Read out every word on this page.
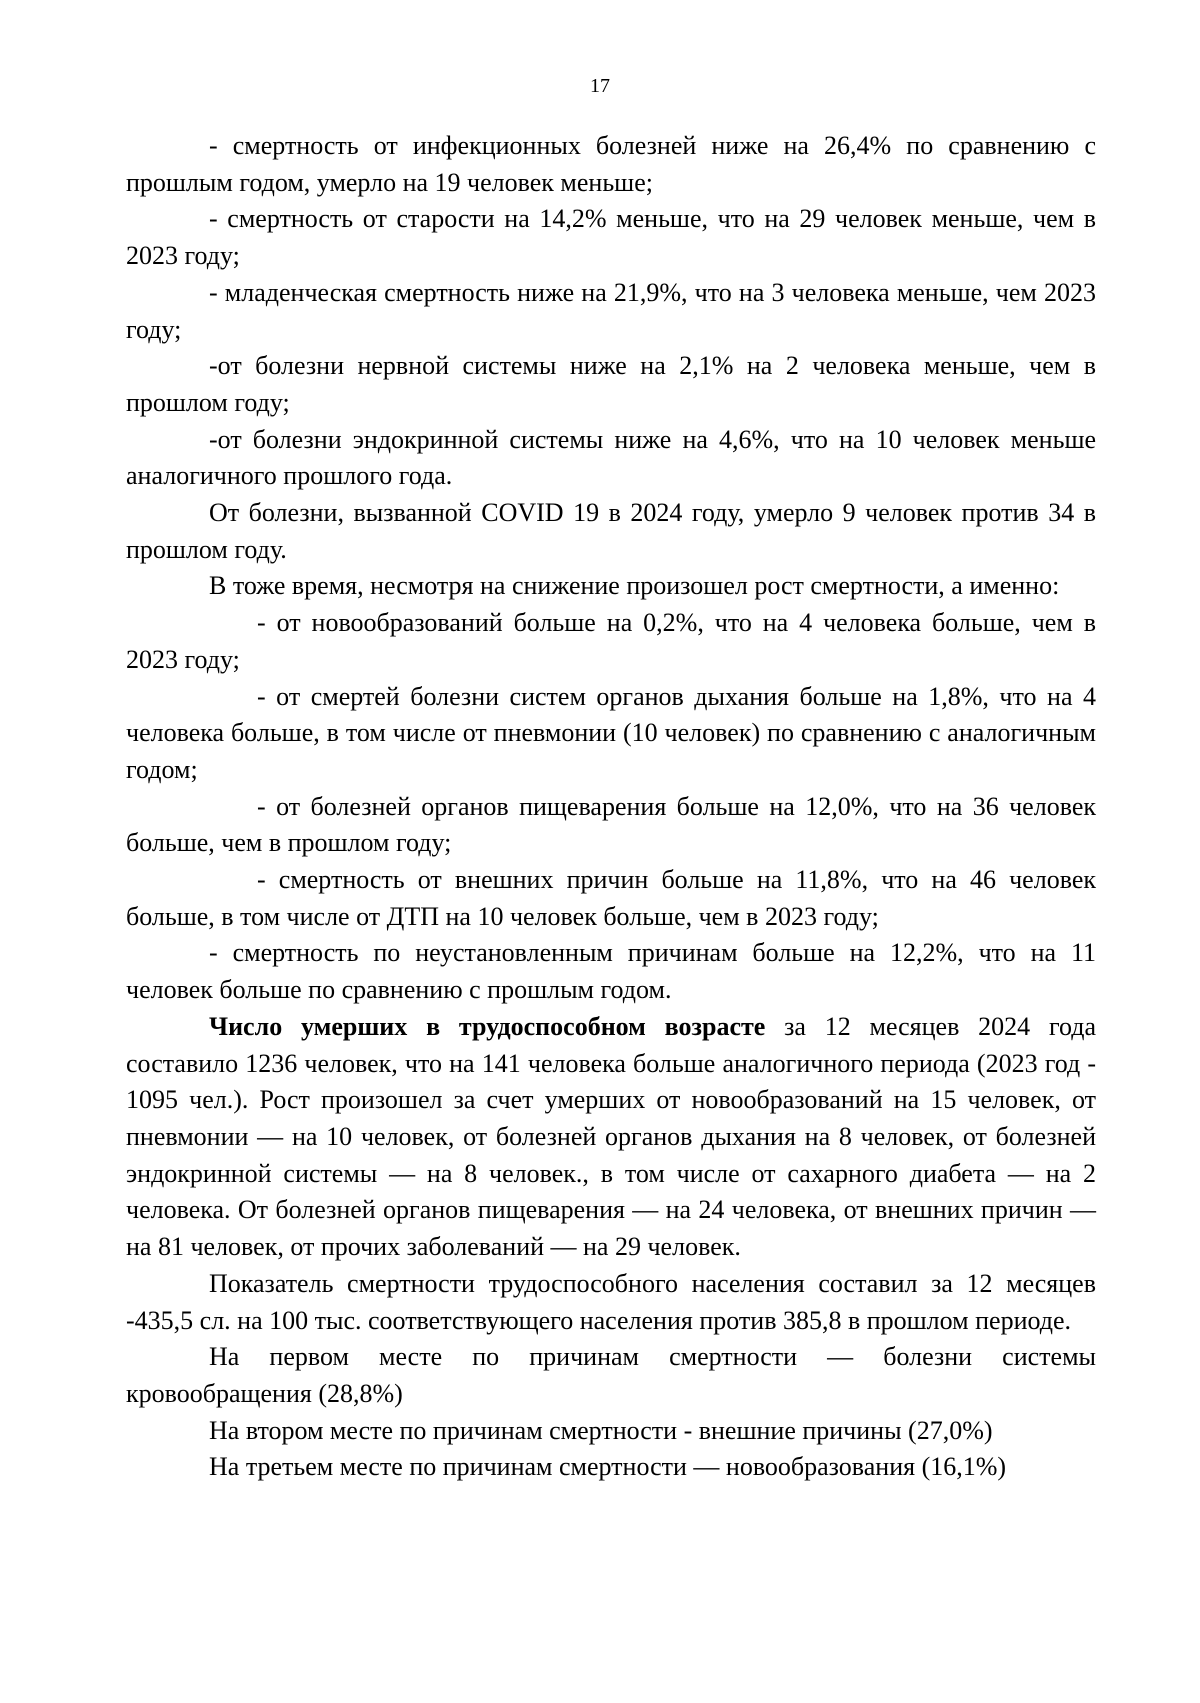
17

- смертность от инфекционных болезней ниже на 26,4% по сравнению с прошлым годом, умерло на 19 человек меньше;

- смертность от старости на 14,2% меньше, что на 29 человек меньше, чем в 2023 году;

- младенческая смертность ниже на 21,9%, что на 3 человека меньше, чем 2023 году;

-от болезни нервной системы ниже на 2,1% на 2 человека меньше, чем в прошлом году;

-от болезни эндокринной системы ниже на 4,6%, что на 10 человек меньше аналогичного прошлого года.

От болезни, вызванной COVID 19 в 2024 году, умерло 9 человек против 34 в прошлом году.

В тоже время, несмотря на снижение произошел рост смертности, а именно:

- от новообразований больше на 0,2%, что на 4 человека больше, чем в 2023 году;

- от смертей болезни систем органов дыхания больше на 1,8%, что на 4 человека больше, в том числе от пневмонии (10 человек) по сравнению с аналогичным годом;

- от болезней органов пищеварения больше на 12,0%, что на 36 человек больше, чем в прошлом году;

- смертность от внешних причин больше на 11,8%, что на 46 человек больше, в том числе от ДТП на 10 человек больше, чем в 2023 году;

- смертность по неустановленным причинам больше на 12,2%, что на 11 человек больше по сравнению с прошлым годом.

Число умерших в трудоспособном возрасте за 12 месяцев 2024 года составило 1236 человек, что на 141 человека больше аналогичного периода (2023 год - 1095 чел.). Рост произошел за счет умерших от новообразований на 15 человек, от пневмонии — на 10 человек, от болезней органов дыхания на 8 человек, от болезней эндокринной системы — на 8 человек., в том числе от сахарного диабета — на 2 человека. От болезней органов пищеварения — на 24 человека, от внешних причин — на 81 человек, от прочих заболеваний — на 29 человек.

Показатель смертности трудоспособного населения составил за 12 месяцев -435,5 сл. на 100 тыс. соответствующего населения против 385,8 в прошлом периоде.

На первом месте по причинам смертности — болезни системы кровообращения (28,8%)

На втором месте по причинам смертности - внешние причины (27,0%)

На третьем месте по причинам смертности — новообразования (16,1%)
